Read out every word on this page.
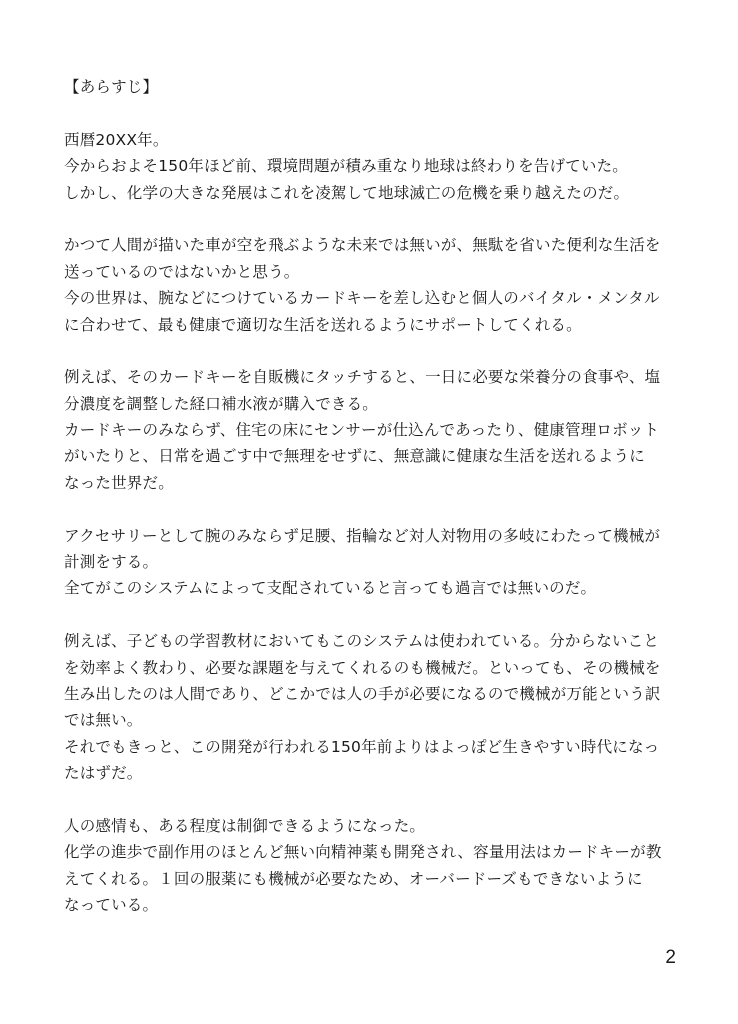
【あらすじ】
西暦20XX年。
今からおよそ150年ほど前、環境問題が積み重なり地球は終わりを告げていた。
しかし、化学の大きな発展はこれを凌駕して地球滅亡の危機を乗り越えたのだ。
かつて人間が描いた車が空を飛ぶような未来では無いが、無駄を省いた便利な生活を
送っているのではないかと思う。
今の世界は、腕などにつけているカードキーを差し込むと個人のバイタル・メンタル
に合わせて、最も健康で適切な生活を送れるようにサポートしてくれる。
例えば、そのカードキーを自販機にタッチすると、一日に必要な栄養分の食事や、塩
分濃度を調整した経口補水液が購入できる。
カードキーのみならず、住宅の床にセンサーが仕込んであったり、健康管理ロボット
がいたりと、日常を過ごす中で無理をせずに、無意識に健康な生活を送れるように
なった世界だ。
アクセサリーとして腕のみならず足腰、指輪など対人対物用の多岐にわたって機械が
計測をする。
全てがこのシステムによって支配されていると言っても過言では無いのだ。
例えば、子どもの学習教材においてもこのシステムは使われている。分からないこと
を効率よく教わり、必要な課題を与えてくれるのも機械だ。といっても、その機械を
生み出したのは人間であり、どこかでは人の手が必要になるので機械が万能という訳
では無い。
それでもきっと、この開発が行われる150年前よりはよっぽど生きやすい時代になっ
たはずだ。
人の感情も、ある程度は制御できるようになった。
化学の進歩で副作用のほとんど無い向精神薬も開発され、容量用法はカードキーが教
えてくれる。１回の服薬にも機械が必要なため、オーバードーズもできないように
なっている。
2
